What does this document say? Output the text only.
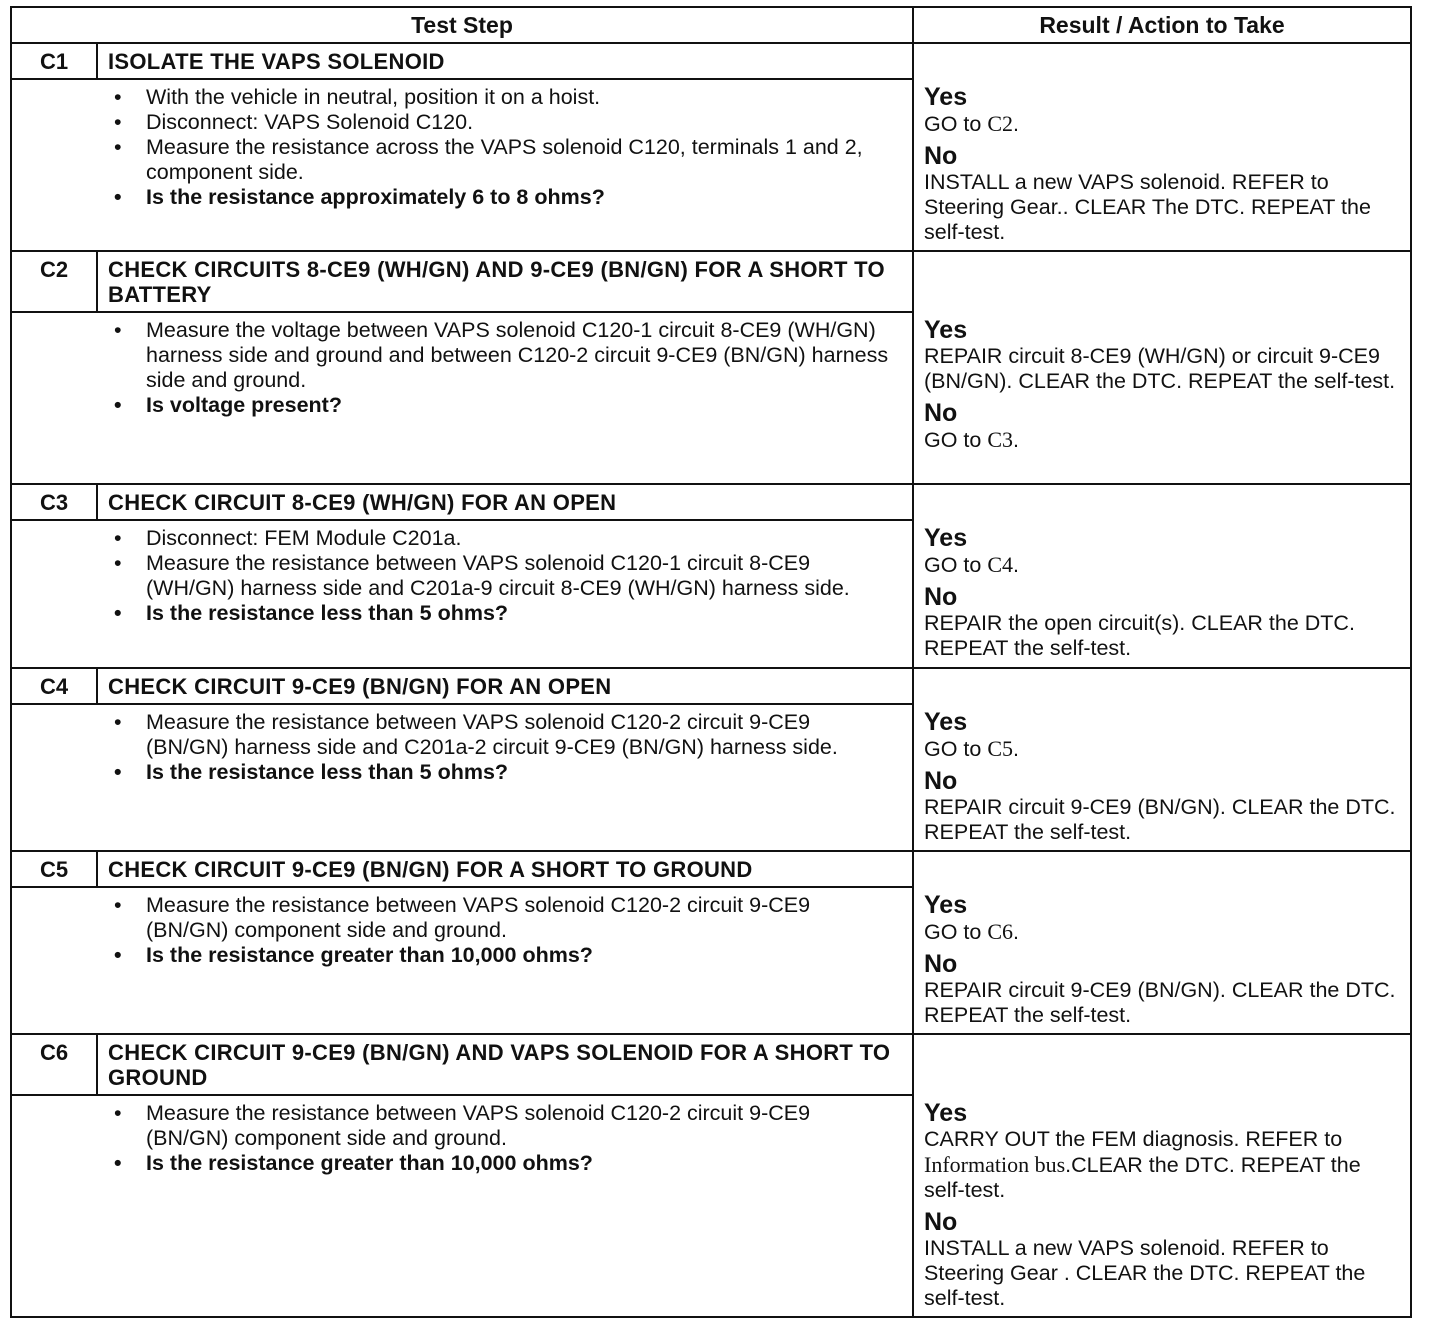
Test Step	Result / Action to Take
C1	ISOLATE THE VAPS SOLENOID
• With the vehicle in neutral, position it on a hoist.
• Disconnect: VAPS Solenoid C120.
• Measure the resistance across the VAPS solenoid C120, terminals 1 and 2, component side.
• Is the resistance approximately 6 to 8 ohms?
Yes
GO to C2.
No
INSTALL a new VAPS solenoid. REFER to Steering Gear.. CLEAR The DTC. REPEAT the self-test.
C2	CHECK CIRCUITS 8-CE9 (WH/GN) AND 9-CE9 (BN/GN) FOR A SHORT TO BATTERY
• Measure the voltage between VAPS solenoid C120-1 circuit 8-CE9 (WH/GN) harness side and ground and between C120-2 circuit 9-CE9 (BN/GN) harness side and ground.
• Is voltage present?
Yes
REPAIR circuit 8-CE9 (WH/GN) or circuit 9-CE9 (BN/GN). CLEAR the DTC. REPEAT the self-test.
No
GO to C3.
C3	CHECK CIRCUIT 8-CE9 (WH/GN) FOR AN OPEN
• Disconnect: FEM Module C201a.
• Measure the resistance between VAPS solenoid C120-1 circuit 8-CE9 (WH/GN) harness side and C201a-9 circuit 8-CE9 (WH/GN) harness side.
• Is the resistance less than 5 ohms?
Yes
GO to C4.
No
REPAIR the open circuit(s). CLEAR the DTC. REPEAT the self-test.
C4	CHECK CIRCUIT 9-CE9 (BN/GN) FOR AN OPEN
• Measure the resistance between VAPS solenoid C120-2 circuit 9-CE9 (BN/GN) harness side and C201a-2 circuit 9-CE9 (BN/GN) harness side.
• Is the resistance less than 5 ohms?
Yes
GO to C5.
No
REPAIR circuit 9-CE9 (BN/GN). CLEAR the DTC. REPEAT the self-test.
C5	CHECK CIRCUIT 9-CE9 (BN/GN) FOR A SHORT TO GROUND
• Measure the resistance between VAPS solenoid C120-2 circuit 9-CE9 (BN/GN) component side and ground.
• Is the resistance greater than 10,000 ohms?
Yes
GO to C6.
No
REPAIR circuit 9-CE9 (BN/GN). CLEAR the DTC. REPEAT the self-test.
C6	CHECK CIRCUIT 9-CE9 (BN/GN) AND VAPS SOLENOID FOR A SHORT TO GROUND
• Measure the resistance between VAPS solenoid C120-2 circuit 9-CE9 (BN/GN) component side and ground.
• Is the resistance greater than 10,000 ohms?
Yes
CARRY OUT the FEM diagnosis. REFER to Information bus.CLEAR the DTC. REPEAT the self-test.
No
INSTALL a new VAPS solenoid. REFER to Steering Gear . CLEAR the DTC. REPEAT the self-test.
